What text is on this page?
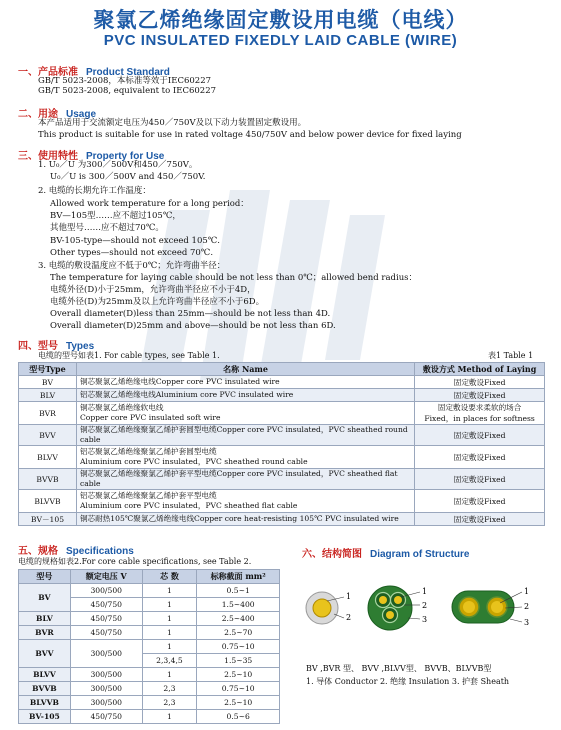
聚氯乙烯绝缘固定敷设用电缆（电线）
PVC INSULATED FIXEDLY LAID CABLE (WIRE)
一、产品标准 Product Standard
GB/T 5023-2008，本标准等效于IEC60227
GB/T 5023-2008, equivalent to IEC60227
二、用途 Usage
本产品适用于交流额定电压为450／750V及以下动力装置固定敷设用。
This product is suitable for use in rated voltage 450/750V and below power device for fixed laying
三、使用特性 Property for Use
1. U₀／U 为300／500V和450／750V。
U₀／U is 300／500V and 450／750V.
2. 电缆的长期允许工作温度：
Allowed work temperature for a long period：
BV—105型……应不超过105℃，
其他型号……应不超过70℃。
BV-105-type—should not exceed 105℃.
Other types—should not exceed 70℃.
3. 电缆的敷设温度应不低于0℃；允许弯曲半径：
The temperature for laying cable should be not less than 0℃；allowed bend radius：
电缆外径(D)小于25mm，允许弯曲半径应不小于4D，
电缆外径(D)为25mm及以上允许弯曲半径应不小于6D。
Overall diameter(D)less than 25mm—should be not less than 4D.
Overall diameter(D)25mm and above—should be not less than 6D.
四、型号 Types
电缆的型号如表1. For cable types, see Table 1.	表1 Table 1
型号Type	名称 Name	敷设方式 Method of Laying
BV	铜芯聚氯乙烯绝缘电线Copper core PVC insulated wire	固定敷设Fixed
BLV	铝芯聚氯乙烯绝缘电线Aluminium core PVC insulated wire	固定敷设Fixed
BVR	铜芯聚氯乙烯绝缘软电线
Copper core PVC insulated soft wire	固定敷设要求柔软的场合
Fixed，in places for softness
BVV	铜芯聚氯乙烯绝缘聚氯乙烯护套圆型电缆Copper core PVC insulated，PVC sheathed round cable	固定敷设Fixed
BLVV	铝芯聚氯乙烯绝缘聚氯乙烯护套圆型电缆
Aluminium core PVC insulated，PVC sheathed round cable	固定敷设Fixed
BVVB	铜芯聚氯乙烯绝缘聚氯乙烯护套平型电缆Copper core PVC insulated，PVC sheathed flat cable	固定敷设Fixed
BLVVB	铝芯聚氯乙烯绝缘聚氯乙烯护套平型电缆
Aluminium core PVC insulated，PVC sheathed flat cable	固定敷设Fixed
BV－105	铜芯耐热105℃聚氯乙烯绝缘电线Copper core heat-resisting 105℃ PVC insulated wire	固定敷设Fixed
五、规格 Specifications
电缆的规格如表2.For core cable specifications, see Table 2.
型号	额定电压 V	芯 数	标称截面 mm²
BV	300/500	1	0.5~1
	450/750	1	1.5~400
BLV	450/750	1	2.5~400
BVR	450/750	1	2.5~70
BVV	300/500	1	0.75~10
		2,3,4,5	1.5~35
BLVV	300/500	1	2.5~10
BVVB	300/500	2,3	0.75~10
BLVVB	300/500	2,3	2.5~10
BV-105	450/750	1	0.5~6
六、结构简图 Diagram of Structure
1
2
1
2
3
1
2
3
BV ,BVR 型、 BVV ,BLVV型、 BVVB、BLVVB型
1. 导体 Conductor 2. 绝缘 Insulation 3. 护套 Sheath
